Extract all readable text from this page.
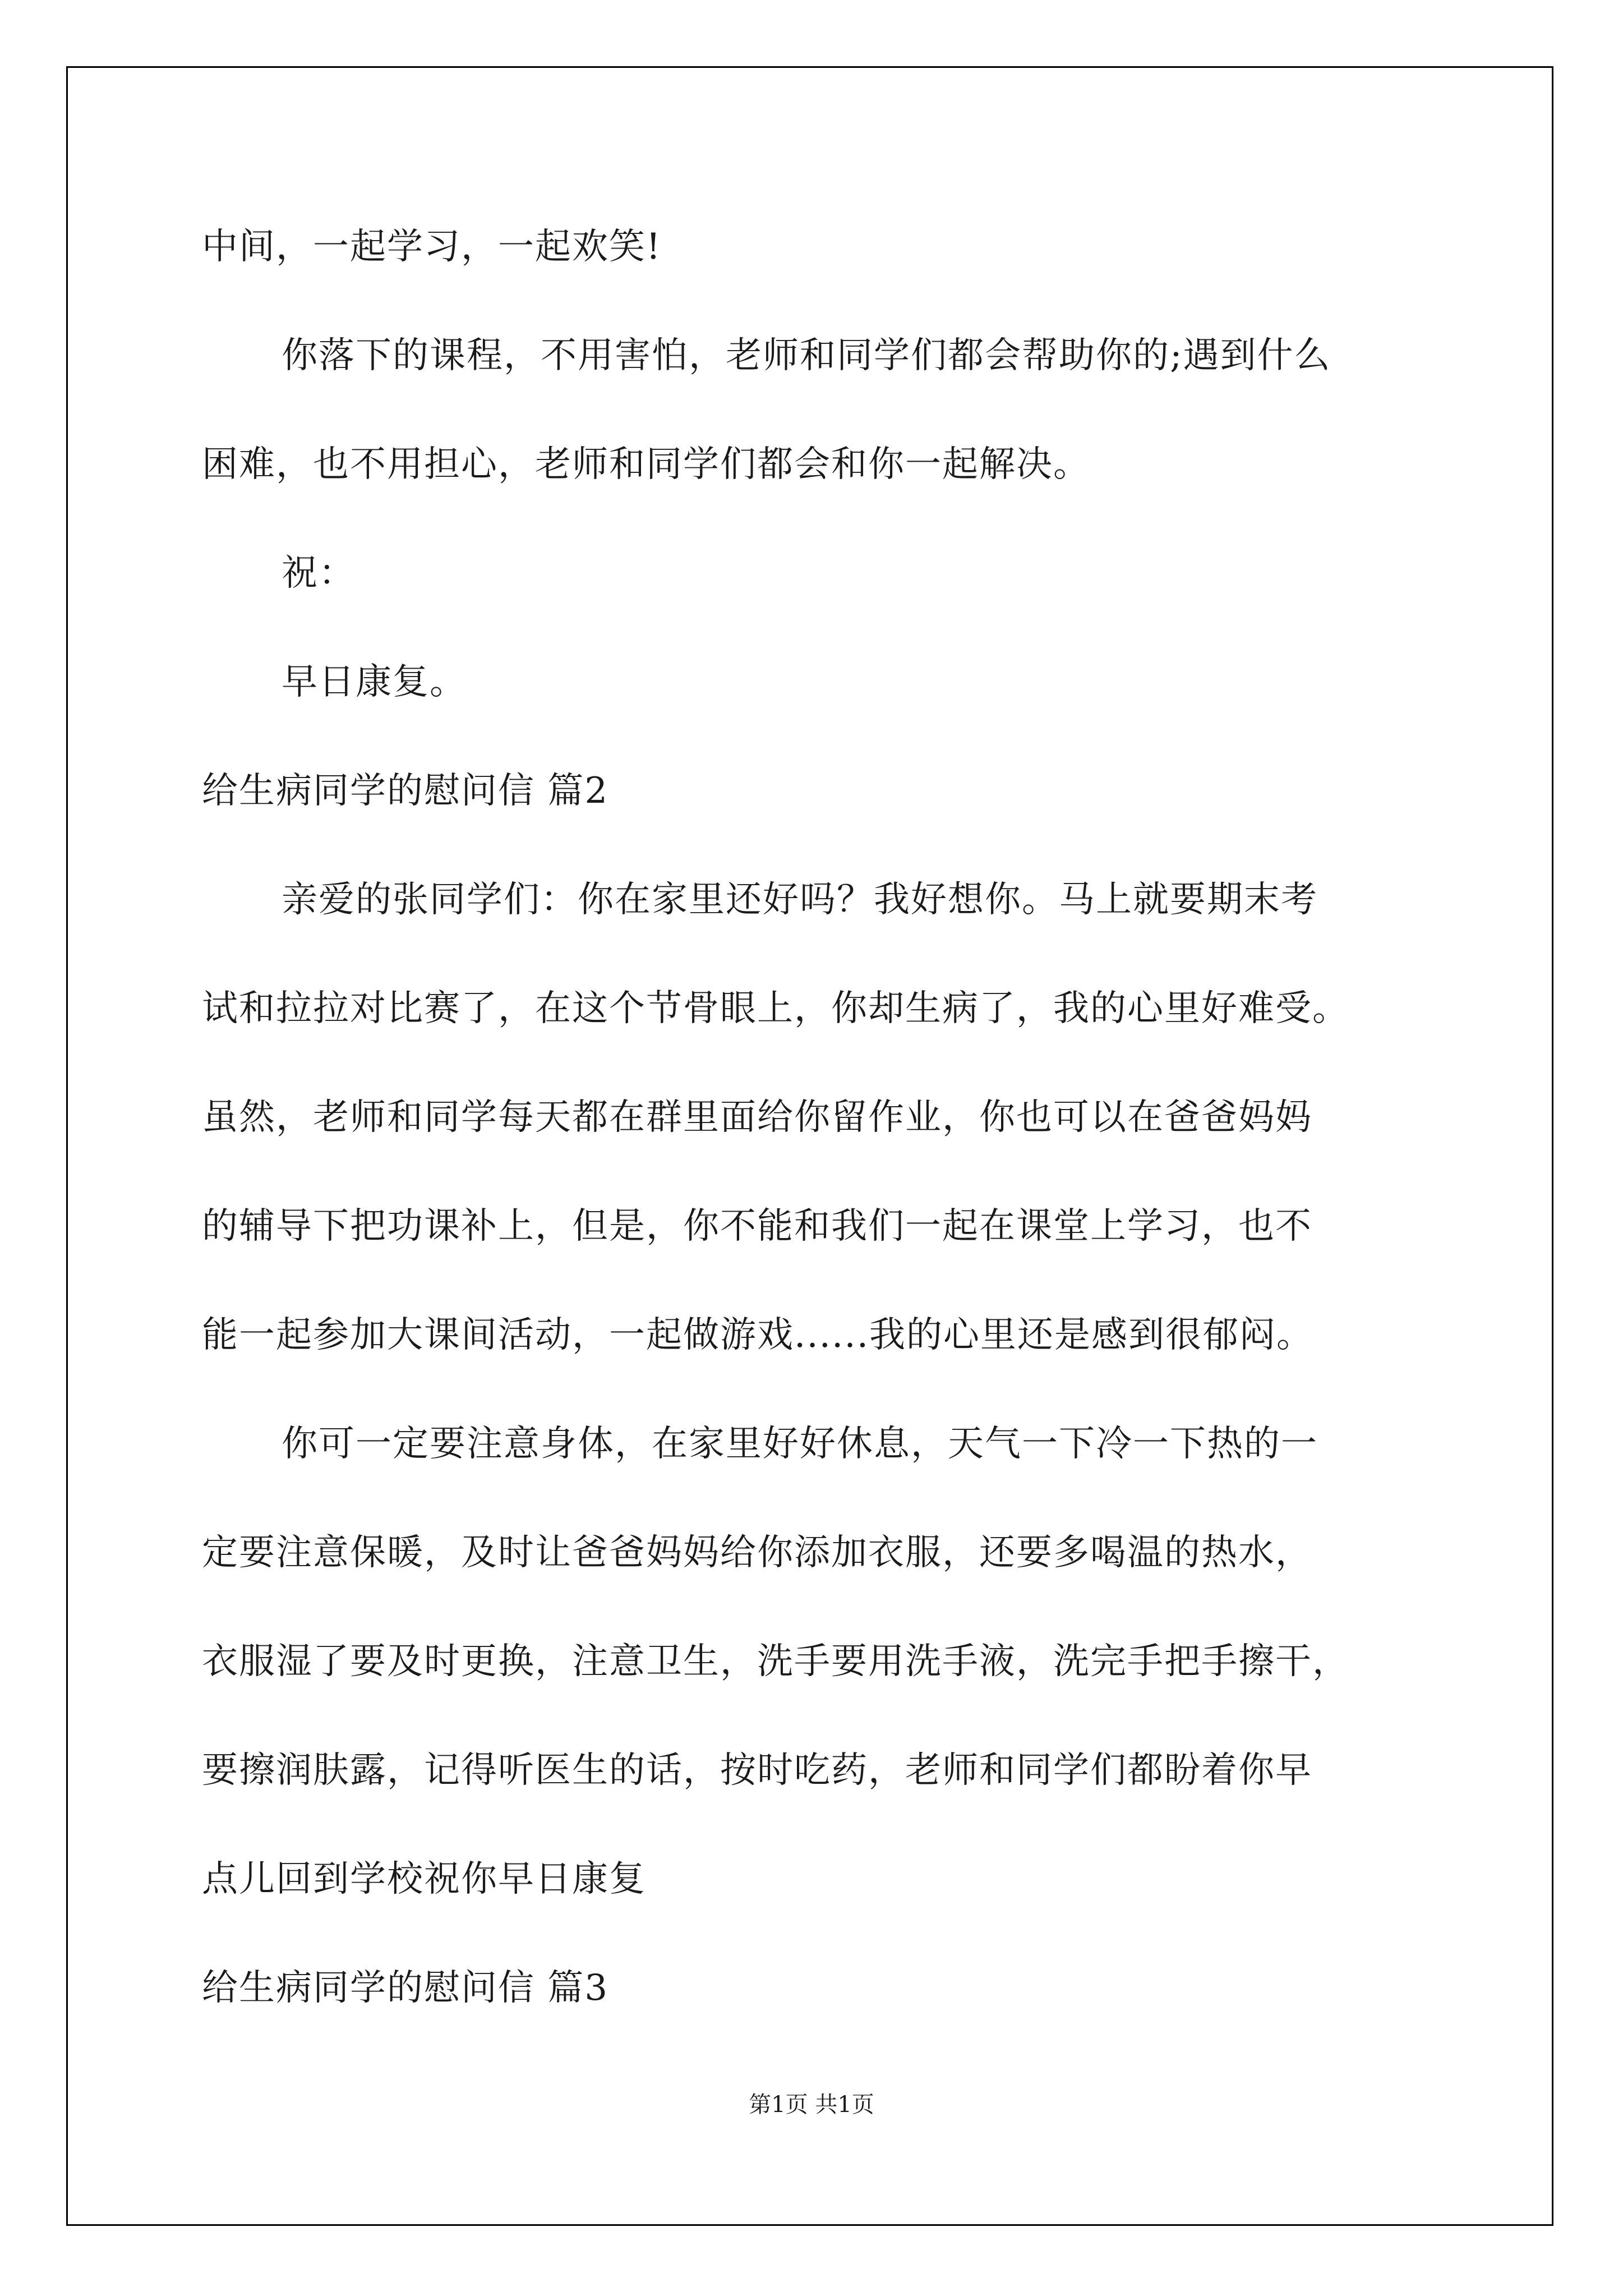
中间，一起学习，一起欢笑!
你落下的课程，不用害怕，老师和同学们都会帮助你的;遇到什么
困难，也不用担心，老师和同学们都会和你一起解决。
祝：
早日康复。
给生病同学的慰问信 篇2
亲爱的张同学们：你在家里还好吗？我好想你。马上就要期末考
试和拉拉对比赛了，在这个节骨眼上，你却生病了，我的心里好难受。
虽然，老师和同学每天都在群里面给你留作业，你也可以在爸爸妈妈
的辅导下把功课补上，但是，你不能和我们一起在课堂上学习，也不
能一起参加大课间活动，一起做游戏......我的心里还是感到很郁闷。
你可一定要注意身体，在家里好好休息，天气一下冷一下热的一
定要注意保暖，及时让爸爸妈妈给你添加衣服，还要多喝温的热水，
衣服湿了要及时更换，注意卫生，洗手要用洗手液，洗完手把手擦干，
要擦润肤露，记得听医生的话，按时吃药，老师和同学们都盼着你早
点儿回到学校祝你早日康复
给生病同学的慰问信 篇3
第1页 共1页
